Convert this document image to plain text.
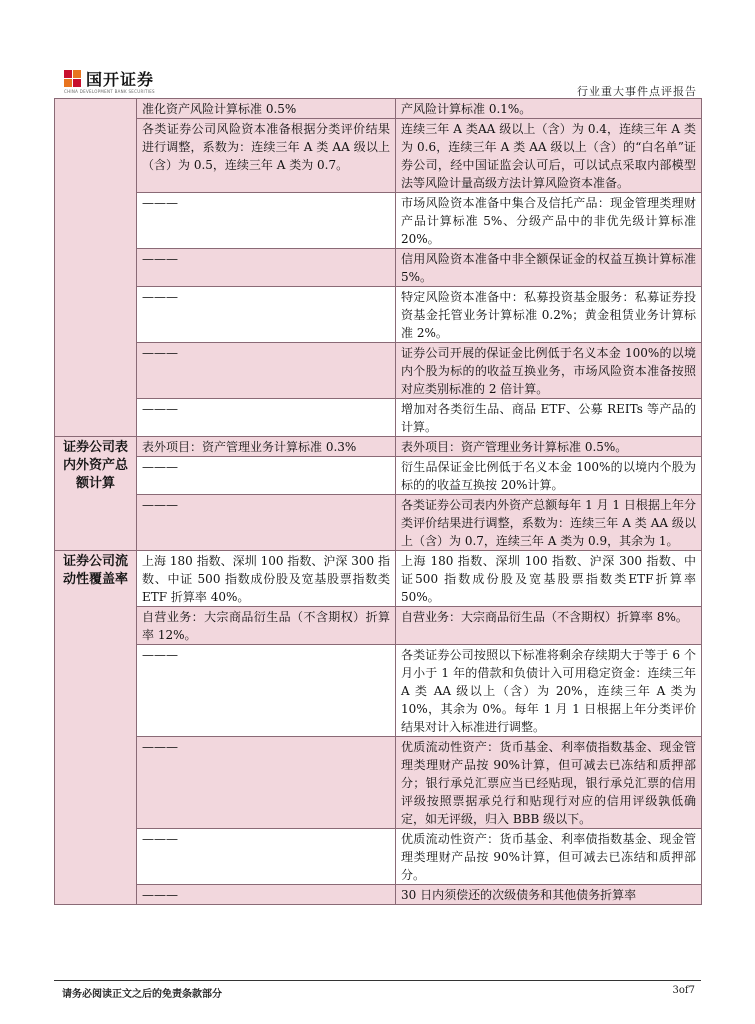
国开证券
CHINA DEVELOPMENT BANK SECURITIES	行业重大事件点评报告
	准化资产风险计算标准 0.5%	产风险计算标准 0.1%。
	各类证券公司风险资本准备根据分类评价结果进行调整，系数为：连续三年 A 类 AA 级以上（含）为 0.5，连续三年 A 类为 0.7。	连续三年 A 类AA 级以上（含）为 0.4，连续三年 A 类为 0.6，连续三年 A 类 AA 级以上（含）的“白名单”证券公司，经中国证监会认可后，可以试点采取内部模型法等风险计量高级方法计算风险资本准备。
	———	市场风险资本准备中集合及信托产品：现金管理类理财产品计算标准 5%、分级产品中的非优先级计算标准 20%。
	———	信用风险资本准备中非全额保证金的权益互换计算标准 5%。
	———	特定风险资本准备中：私募投资基金服务：私募证券投资基金托管业务计算标准 0.2%；黄金租赁业务计算标准 2%。
	———	证券公司开展的保证金比例低于名义本金 100%的以境内个股为标的的收益互换业务，市场风险资本准备按照对应类别标准的 2 倍计算。
	———	增加对各类衍生品、商品 ETF、公募 REITs 等产品的计算。
证券公司表内外资产总额计算	表外项目：资产管理业务计算标准 0.3%	表外项目：资产管理业务计算标准 0.5%。
	———	衍生品保证金比例低于名义本金 100%的以境内个股为标的的收益互换按 20%计算。
	———	各类证券公司表内外资产总额每年 1 月 1 日根据上年分类评价结果进行调整，系数为：连续三年 A 类 AA 级以上（含）为 0.7，连续三年 A 类为 0.9，其余为 1。
证券公司流动性覆盖率	上海 180 指数、深圳 100 指数、沪深 300 指数、中证 500 指数成份股及宽基股票指数类 ETF 折算率 40%。	上海 180 指数、深圳 100 指数、沪深 300 指数、中证500 指数成份股及宽基股票指数类ETF折算率 50%。
	自营业务：大宗商品衍生品（不含期权）折算率 12%。	自营业务：大宗商品衍生品（不含期权）折算率 8%。
	———	各类证券公司按照以下标准将剩余存续期大于等于 6 个月小于 1 年的借款和负债计入可用稳定资金：连续三年 A 类 AA 级以上（含）为 20%，连续三年 A 类为 10%，其余为 0%。每年 1 月 1 日根据上年分类评价结果对计入标准进行调整。
	———	优质流动性资产：货币基金、利率债指数基金、现金管理类理财产品按 90%计算，但可减去已冻结和质押部分；银行承兑汇票应当已经贴现，银行承兑汇票的信用评级按照票据承兑行和贴现行对应的信用评级孰低确定，如无评级，归入 BBB 级以下。
	———	优质流动性资产：货币基金、利率债指数基金、现金管理类理财产品按 90%计算，但可减去已冻结和质押部分。
	———	30 日内须偿还的次级债务和其他债务折算率
请务必阅读正文之后的免责条款部分	3of7
